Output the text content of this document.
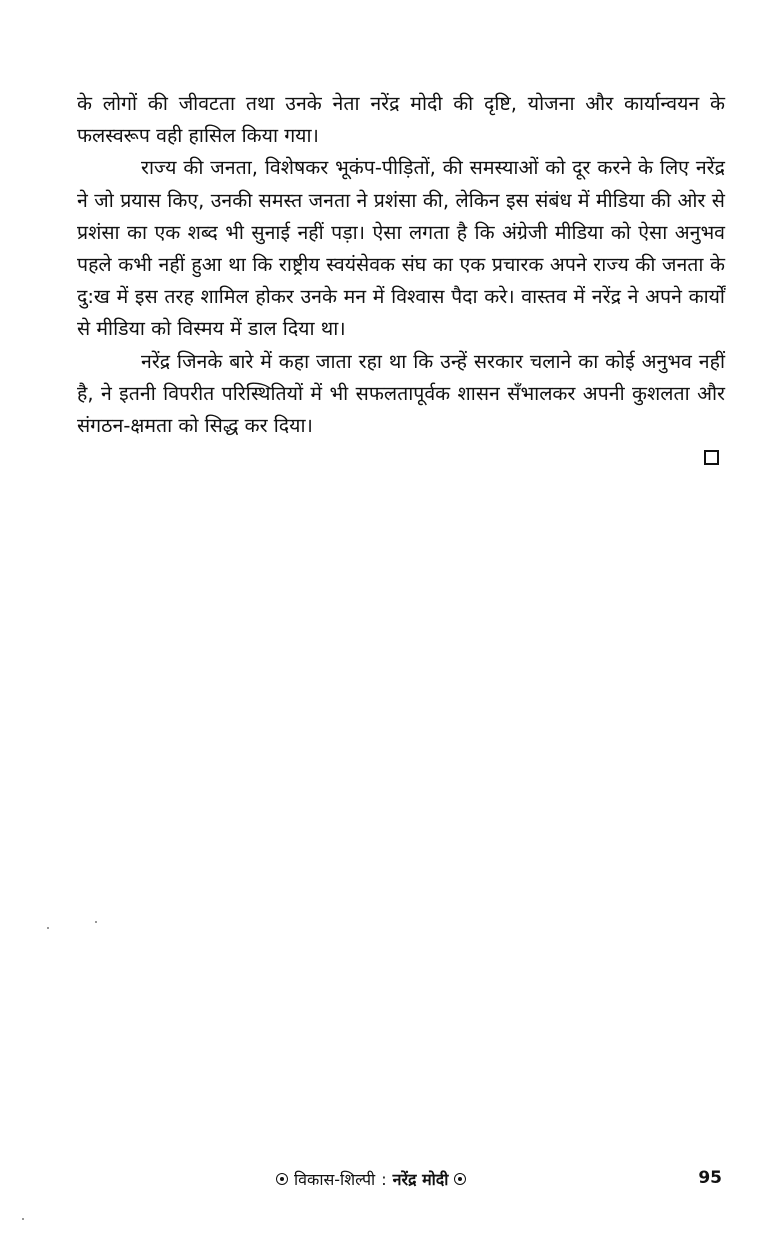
के लोगों की जीवटता तथा उनके नेता नरेंद्र मोदी की दृष्टि, योजना और कार्यान्वयन के फलस्वरूप वही हासिल किया गया।

राज्य की जनता, विशेषकर भूकंप-पीड़ितों, की समस्याओं को दूर करने के लिए नरेंद्र ने जो प्रयास किए, उनकी समस्त जनता ने प्रशंसा की, लेकिन इस संबंध में मीडिया की ओर से प्रशंसा का एक शब्द भी सुनाई नहीं पड़ा। ऐसा लगता है कि अंग्रेजी मीडिया को ऐसा अनुभव पहले कभी नहीं हुआ था कि राष्ट्रीय स्वयंसेवक संघ का एक प्रचारक अपने राज्य की जनता के दु:ख में इस तरह शामिल होकर उनके मन में विश्वास पैदा करे। वास्तव में नरेंद्र ने अपने कार्यों से मीडिया को विस्मय में डाल दिया था।

नरेंद्र जिनके बारे में कहा जाता रहा था कि उन्हें सरकार चलाने का कोई अनुभव नहीं है, ने इतनी विपरीत परिस्थितियों में भी सफलतापूर्वक शासन सँभालकर अपनी कुशलता और संगठन-क्षमता को सिद्ध कर दिया।

विकास-शिल्पी : नरेंद्र मोदी	95
